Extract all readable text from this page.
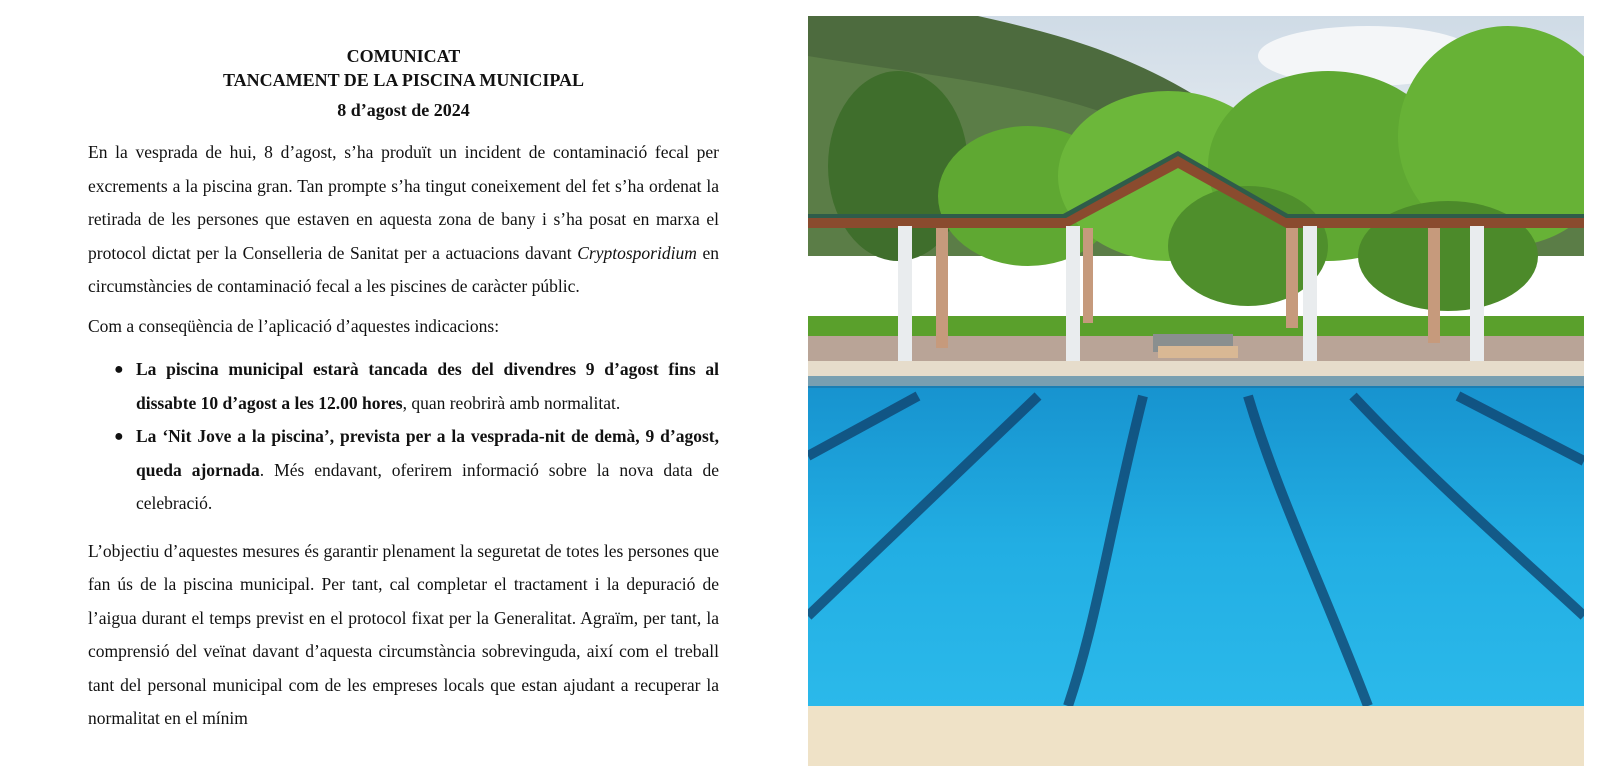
COMUNICAT

TANCAMENT DE LA PISCINA MUNICIPAL

8 d’agost de 2024

En la vesprada de hui, 8 d’agost, s’ha produït un incident de contaminació fecal per excrements a la piscina gran. Tan prompte s’ha tingut coneixement del fet s’ha ordenat la retirada de les persones que estaven en aquesta zona de bany i s’ha posat en marxa el protocol dictat per la Conselleria de Sanitat per a actuacions davant Cryptosporidium en circumstàncies de contaminació fecal a les piscines de caràcter públic.

Com a conseqüència de l’aplicació d’aquestes indicacions:

● La piscina municipal estarà tancada des del divendres 9 d’agost fins al dissabte 10 d’agost a les 12.00 hores, quan reobrirà amb normalitat.
● La ‘Nit Jove a la piscina’, prevista per a la vesprada-nit de demà, 9 d’agost, queda ajornada. Més endavant, oferirem informació sobre la nova data de celebració.

L’objectiu d’aquestes mesures és garantir plenament la seguretat de totes les persones que fan ús de la piscina municipal. Per tant, cal completar el tractament i la depuració de l’aigua durant el temps previst en el protocol fixat per la Generalitat. Agraïm, per tant, la comprensió del veïnat davant d’aquesta circumstància sobrevinguda, així com el treball tant del personal municipal com de les empreses locals que estan ajudant a recuperar la normalitat en el mínim
